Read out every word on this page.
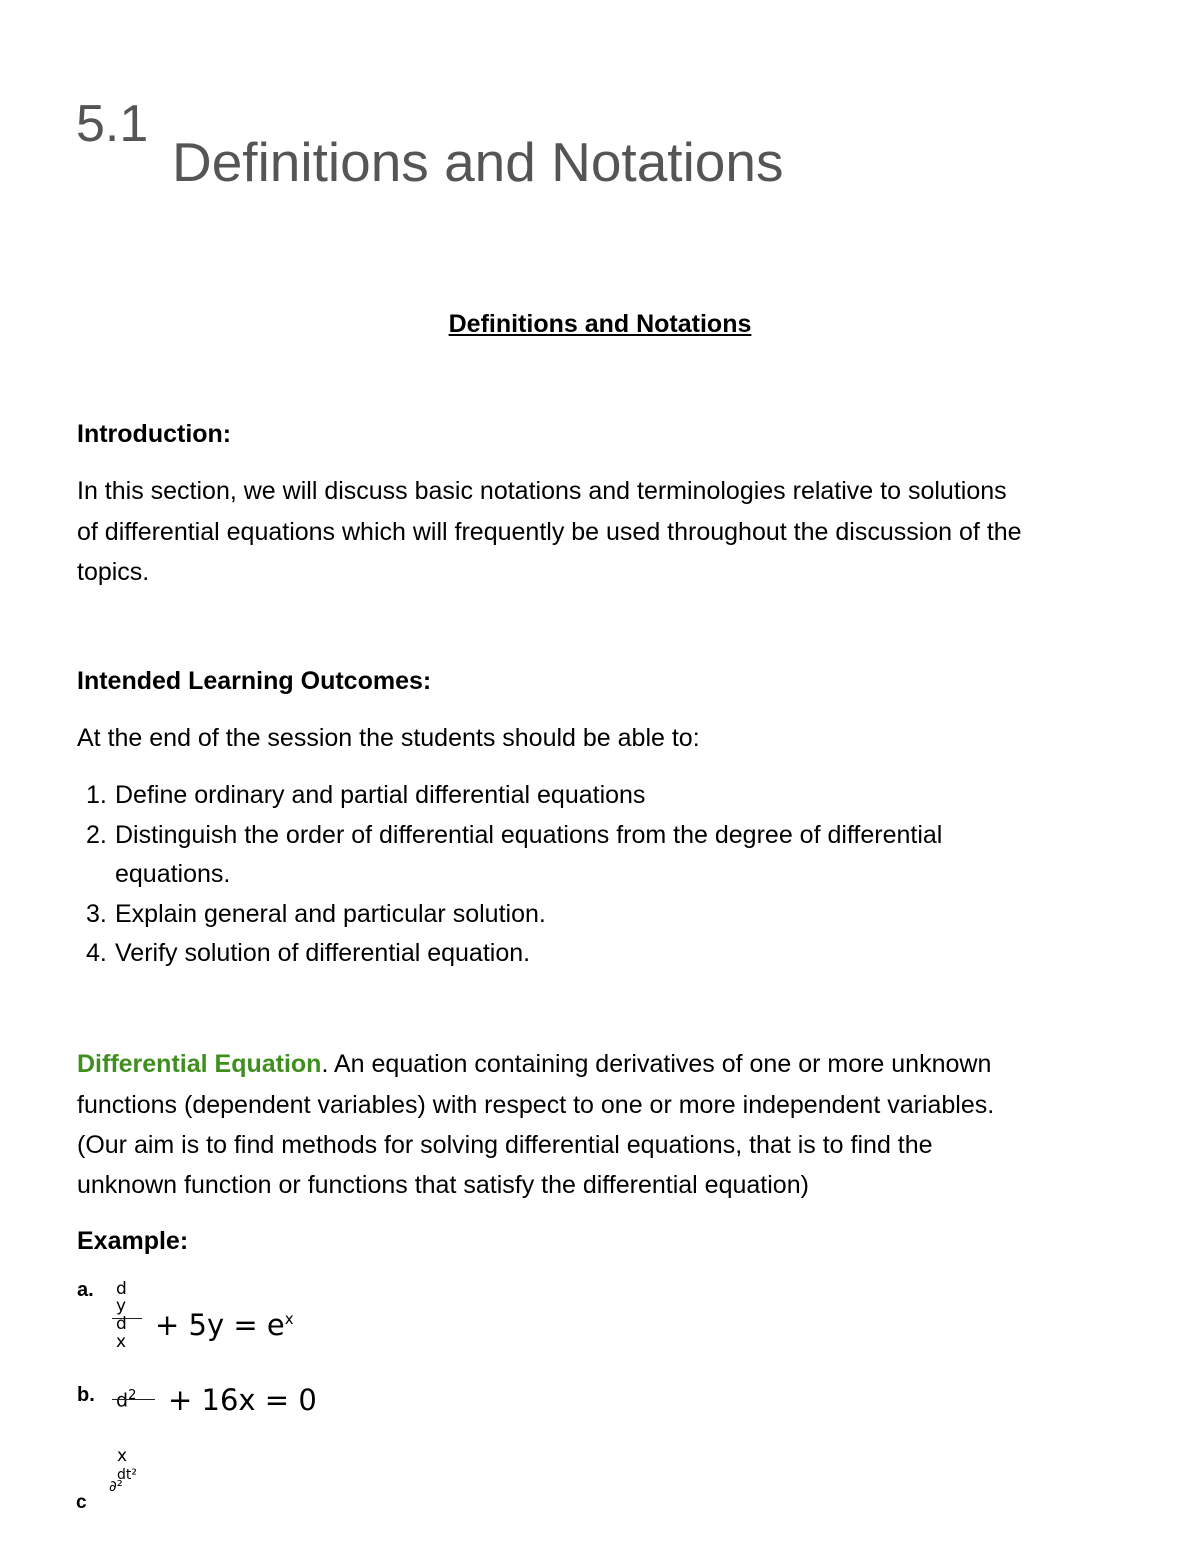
5.1
Definitions and Notations
Definitions and Notations
Introduction:
In this section, we will discuss basic notations and terminologies relative to solutions
of differential equations which will frequently be used throughout the discussion of the
topics.
Intended Learning Outcomes:
At the end of the session the students should be able to:
1. Define ordinary and partial differential equations
2. Distinguish the order of differential equations from the degree of differential equations.
3. Explain general and particular solution.
4. Verify solution of differential equation.
Differential Equation. An equation containing derivatives of one or more unknown
functions (dependent variables) with respect to one or more independent variables.
(Our aim is to find methods for solving differential equations, that is to find the
unknown function or functions that satisfy the differential equation)
Example:
a. d
y
d
$x + 5y = e^x$
b. $d^2 + 16x = 0$
x
dt²
∂²
c
